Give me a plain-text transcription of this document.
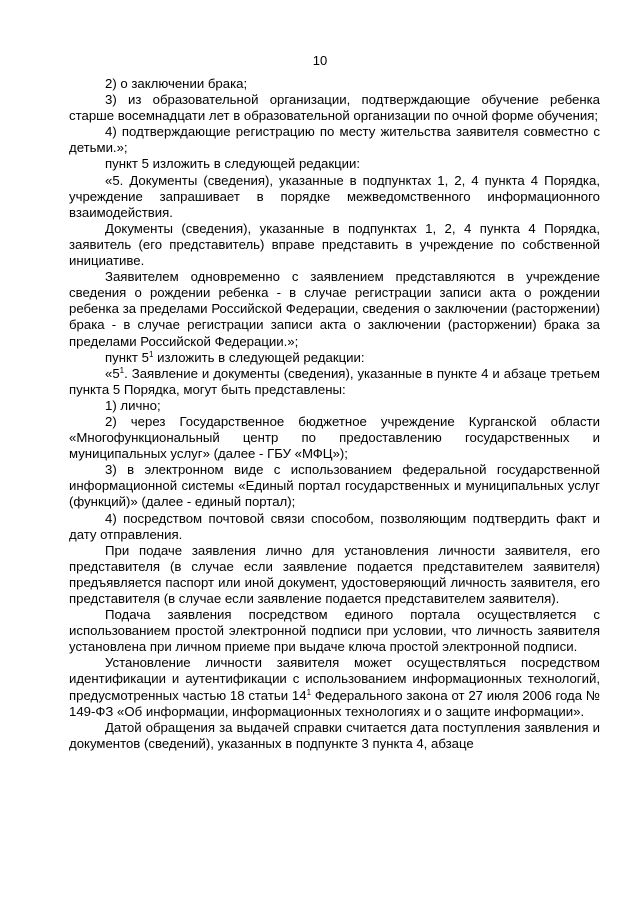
10

2) о заключении брака;

3) из образовательной организации, подтверждающие обучение ребенка старше восемнадцати лет в образовательной организации по очной форме обучения;

4) подтверждающие регистрацию по месту жительства заявителя совместно с детьми.»;

пункт 5 изложить в следующей редакции:

«5. Документы (сведения), указанные в подпунктах 1, 2, 4 пункта 4 Порядка, учреждение запрашивает в порядке межведомственного информационного взаимодействия.

Документы (сведения), указанные в подпунктах 1, 2, 4 пункта 4 Порядка, заявитель (его представитель) вправе представить в учреждение по собственной инициативе.

Заявителем одновременно с заявлением представляются в учреждение сведения о рождении ребенка - в случае регистрации записи акта о рождении ребенка за пределами Российской Федерации, сведения о заключении (расторжении) брака - в случае регистрации записи акта о заключении (расторжении) брака за пределами Российской Федерации.»;

пункт $5^1$ изложить в следующей редакции:

«$5^1$. Заявление и документы (сведения), указанные в пункте 4 и абзаце третьем пункта 5 Порядка, могут быть представлены:

1) лично;

2) через Государственное бюджетное учреждение Курганской области «Многофункциональный центр по предоставлению государственных и муниципальных услуг» (далее - ГБУ «МФЦ»);

3) в электронном виде с использованием федеральной государственной информационной системы «Единый портал государственных и муниципальных услуг (функций)» (далее - единый портал);

4) посредством почтовой связи способом, позволяющим подтвердить факт и дату отправления.

При подаче заявления лично для установления личности заявителя, его представителя (в случае если заявление подается представителем заявителя) предъявляется паспорт или иной документ, удостоверяющий личность заявителя, его представителя (в случае если заявление подается представителем заявителя).

Подача заявления посредством единого портала осуществляется с использованием простой электронной подписи при условии, что личность заявителя установлена при личном приеме при выдаче ключа простой электронной подписи.

Установление личности заявителя может осуществляться посредством идентификации и аутентификации с использованием информационных технологий, предусмотренных частью 18 статьи $14^1$ Федерального закона от 27 июля 2006 года № 149-ФЗ «Об информации, информационных технологиях и о защите информации».

Датой обращения за выдачей справки считается дата поступления заявления и документов (сведений), указанных в подпункте 3 пункта 4, абзаце
